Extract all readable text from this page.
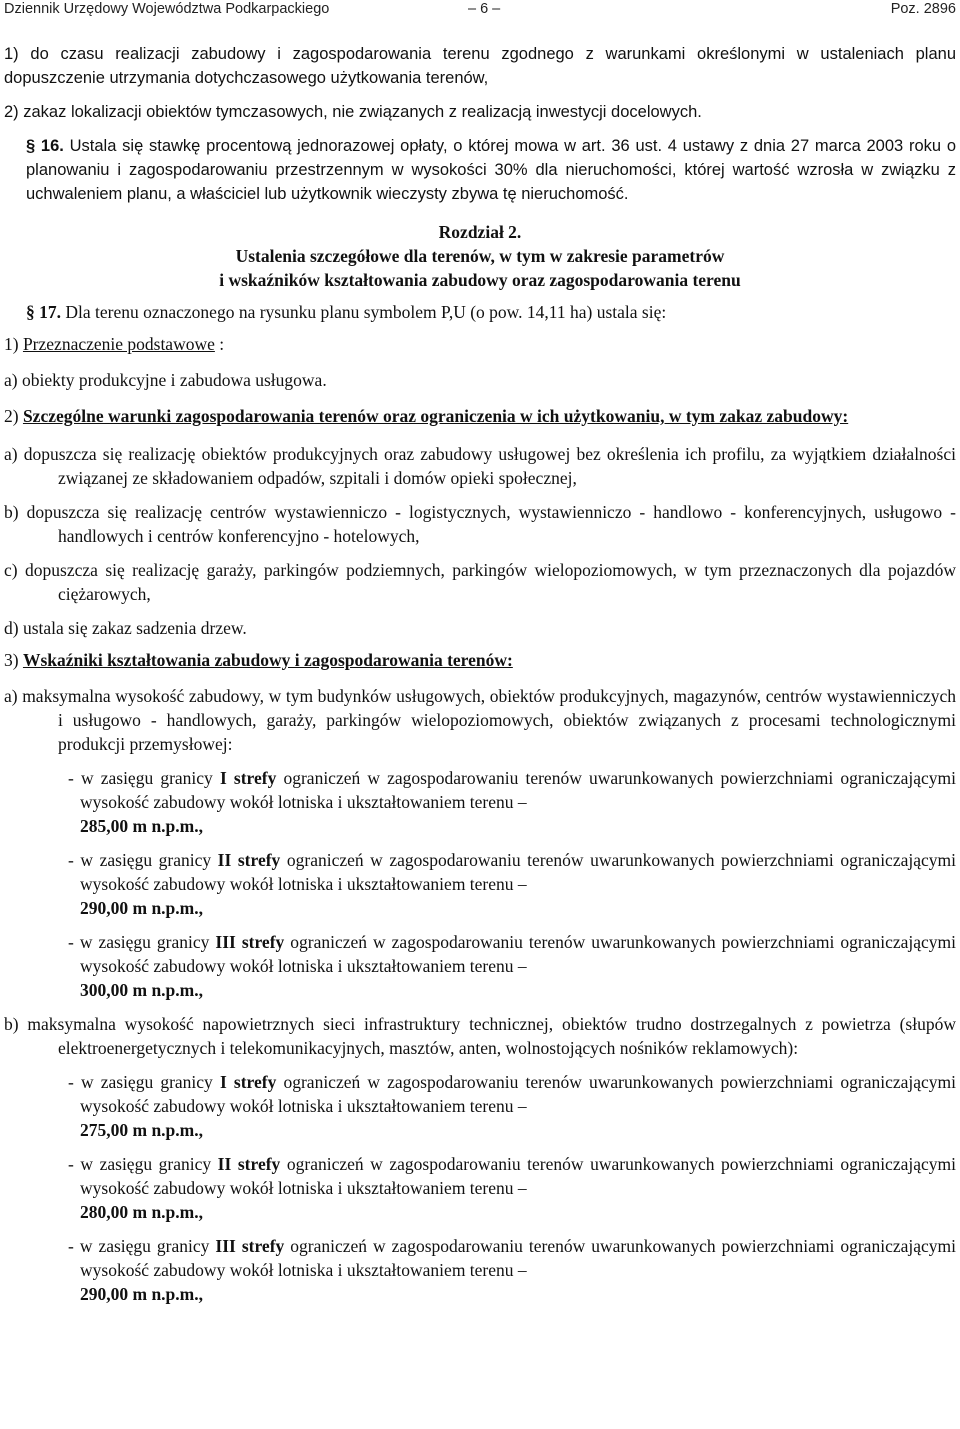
Dziennik Urzędowy Województwa Podkarpackiego	– 6 –	Poz. 2896

1) do czasu realizacji zabudowy i zagospodarowania terenu zgodnego z warunkami określonymi w ustaleniach planu dopuszczenie utrzymania dotychczasowego użytkowania terenów,

2) zakaz lokalizacji obiektów tymczasowych, nie związanych z realizacją inwestycji docelowych.

§ 16. Ustala się stawkę procentową jednorazowej opłaty, o której mowa w art. 36 ust. 4 ustawy z dnia 27 marca 2003 roku o planowaniu i zagospodarowaniu przestrzennym w wysokości 30% dla nieruchomości, której wartość wzrosła w związku z uchwaleniem planu, a właściciel lub użytkownik wieczysty zbywa tę nieruchomość.

Rozdział 2.

Ustalenia szczegółowe dla terenów, w tym w zakresie parametrów

i wskaźników kształtowania zabudowy oraz zagospodarowania terenu

§ 17. Dla terenu oznaczonego na rysunku planu symbolem P,U (o pow. 14,11 ha) ustala się:

1) Przeznaczenie podstawowe :

a) obiekty produkcyjne i zabudowa usługowa.

2) Szczególne warunki zagospodarowania terenów oraz ograniczenia w ich użytkowaniu, w tym zakaz zabudowy:

a) dopuszcza się realizację obiektów produkcyjnych oraz zabudowy usługowej bez określenia ich profilu, za wyjątkiem działalności związanej ze składowaniem odpadów, szpitali i domów opieki społecznej,

b) dopuszcza się realizację centrów wystawienniczo - logistycznych, wystawienniczo - handlowo - konferencyjnych, usługowo - handlowych i centrów konferencyjno - hotelowych,

c) dopuszcza się realizację garaży, parkingów podziemnych, parkingów wielopoziomowych, w tym przeznaczonych dla pojazdów ciężarowych,

d) ustala się zakaz sadzenia drzew.

3) Wskaźniki kształtowania zabudowy i zagospodarowania terenów:

a) maksymalna wysokość zabudowy, w tym budynków usługowych, obiektów produkcyjnych, magazynów, centrów wystawienniczych i usługowo - handlowych, garaży, parkingów wielopoziomowych, obiektów związanych z procesami technologicznymi produkcji przemysłowej:

- w zasięgu granicy I strefy ograniczeń w zagospodarowaniu terenów uwarunkowanych powierzchniami ograniczającymi wysokość zabudowy wokół lotniska i ukształtowaniem terenu –

285,00 m n.p.m.,

- w zasięgu granicy II strefy ograniczeń w zagospodarowaniu terenów uwarunkowanych powierzchniami ograniczającymi wysokość zabudowy wokół lotniska i ukształtowaniem terenu –

290,00 m n.p.m.,

- w zasięgu granicy III strefy ograniczeń w zagospodarowaniu terenów uwarunkowanych powierzchniami ograniczającymi wysokość zabudowy wokół lotniska i ukształtowaniem terenu –

300,00 m n.p.m.,

b) maksymalna wysokość napowietrznych sieci infrastruktury technicznej, obiektów trudno dostrzegalnych z powietrza (słupów elektroenergetycznych i telekomunikacyjnych, masztów, anten, wolnostojących nośników reklamowych):

- w zasięgu granicy I strefy ograniczeń w zagospodarowaniu terenów uwarunkowanych powierzchniami ograniczającymi wysokość zabudowy wokół lotniska i ukształtowaniem terenu –

275,00 m n.p.m.,

- w zasięgu granicy II strefy ograniczeń w zagospodarowaniu terenów uwarunkowanych powierzchniami ograniczającymi wysokość zabudowy wokół lotniska i ukształtowaniem terenu –

280,00 m n.p.m.,

- w zasięgu granicy III strefy ograniczeń w zagospodarowaniu terenów uwarunkowanych powierzchniami ograniczającymi wysokość zabudowy wokół lotniska i ukształtowaniem terenu –

290,00 m n.p.m.,
